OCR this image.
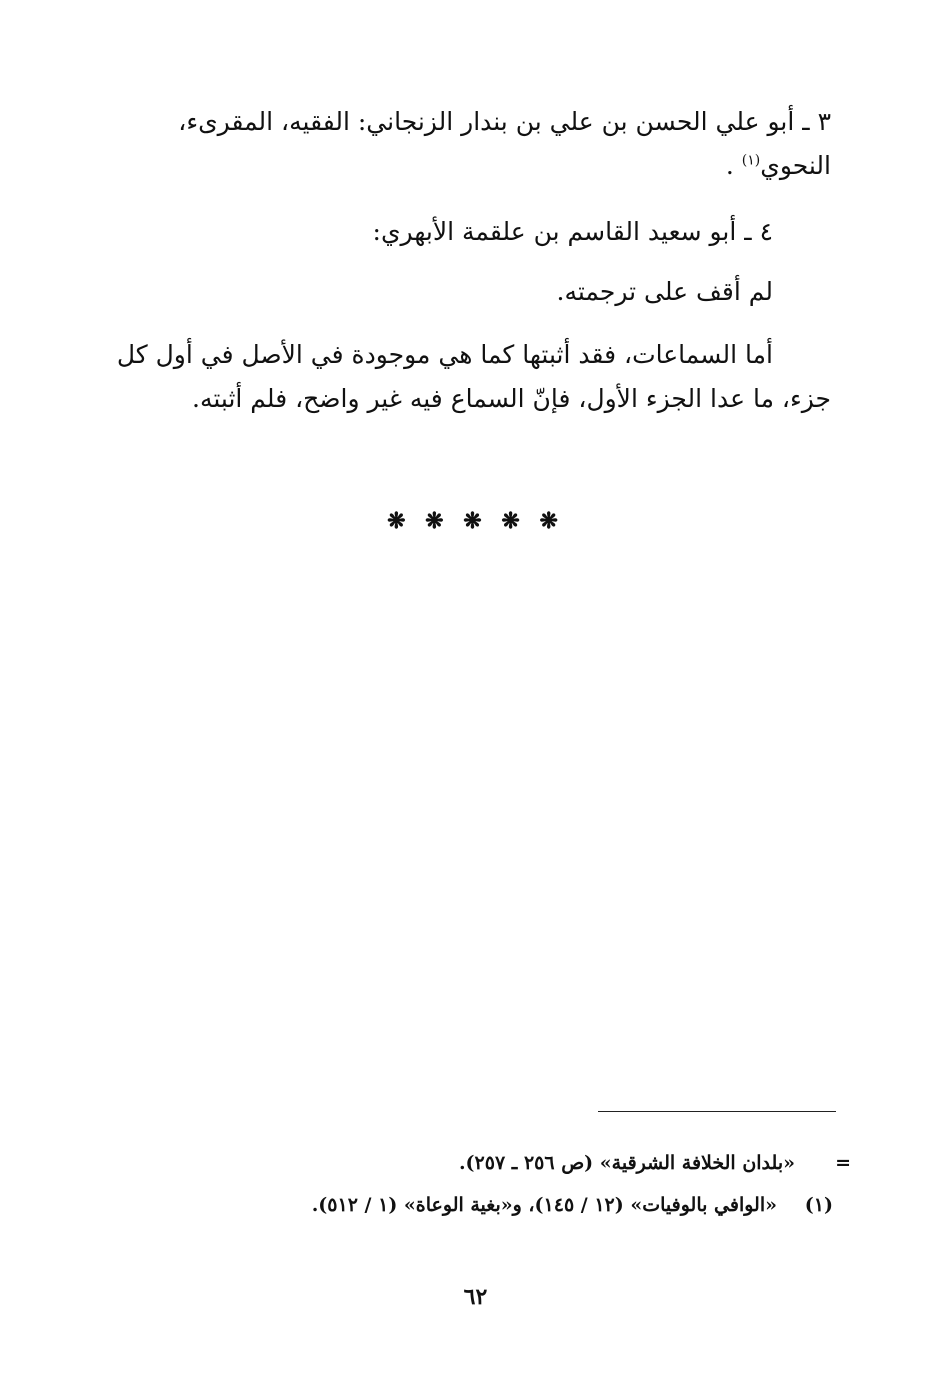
٣ ـ أبو علي الحسن بن علي بن بندار الزنجاني: الفقيه، المقرىء،

النحوي$^{(١)}$ .

٤ ـ أبو سعيد القاسم بن علقمة الأبهري:

لم أقف على ترجمته.

أما السماعات، فقد أثبتها كما هي موجودة في الأصل في أول كل

جزء، ما عدا الجزء الأول، فإنّ السماع فيه غير واضح، فلم أثبته.

❋ ❋ ❋ ❋ ❋
=«بلدان الخلافة الشرقية» (ص ٢٥٦ ـ ٢٥٧).
(١)«الوافي بالوفيات» (١٢ / ١٤٥)، و«بغية الوعاة» (١ / ٥١٢).
٦٢
